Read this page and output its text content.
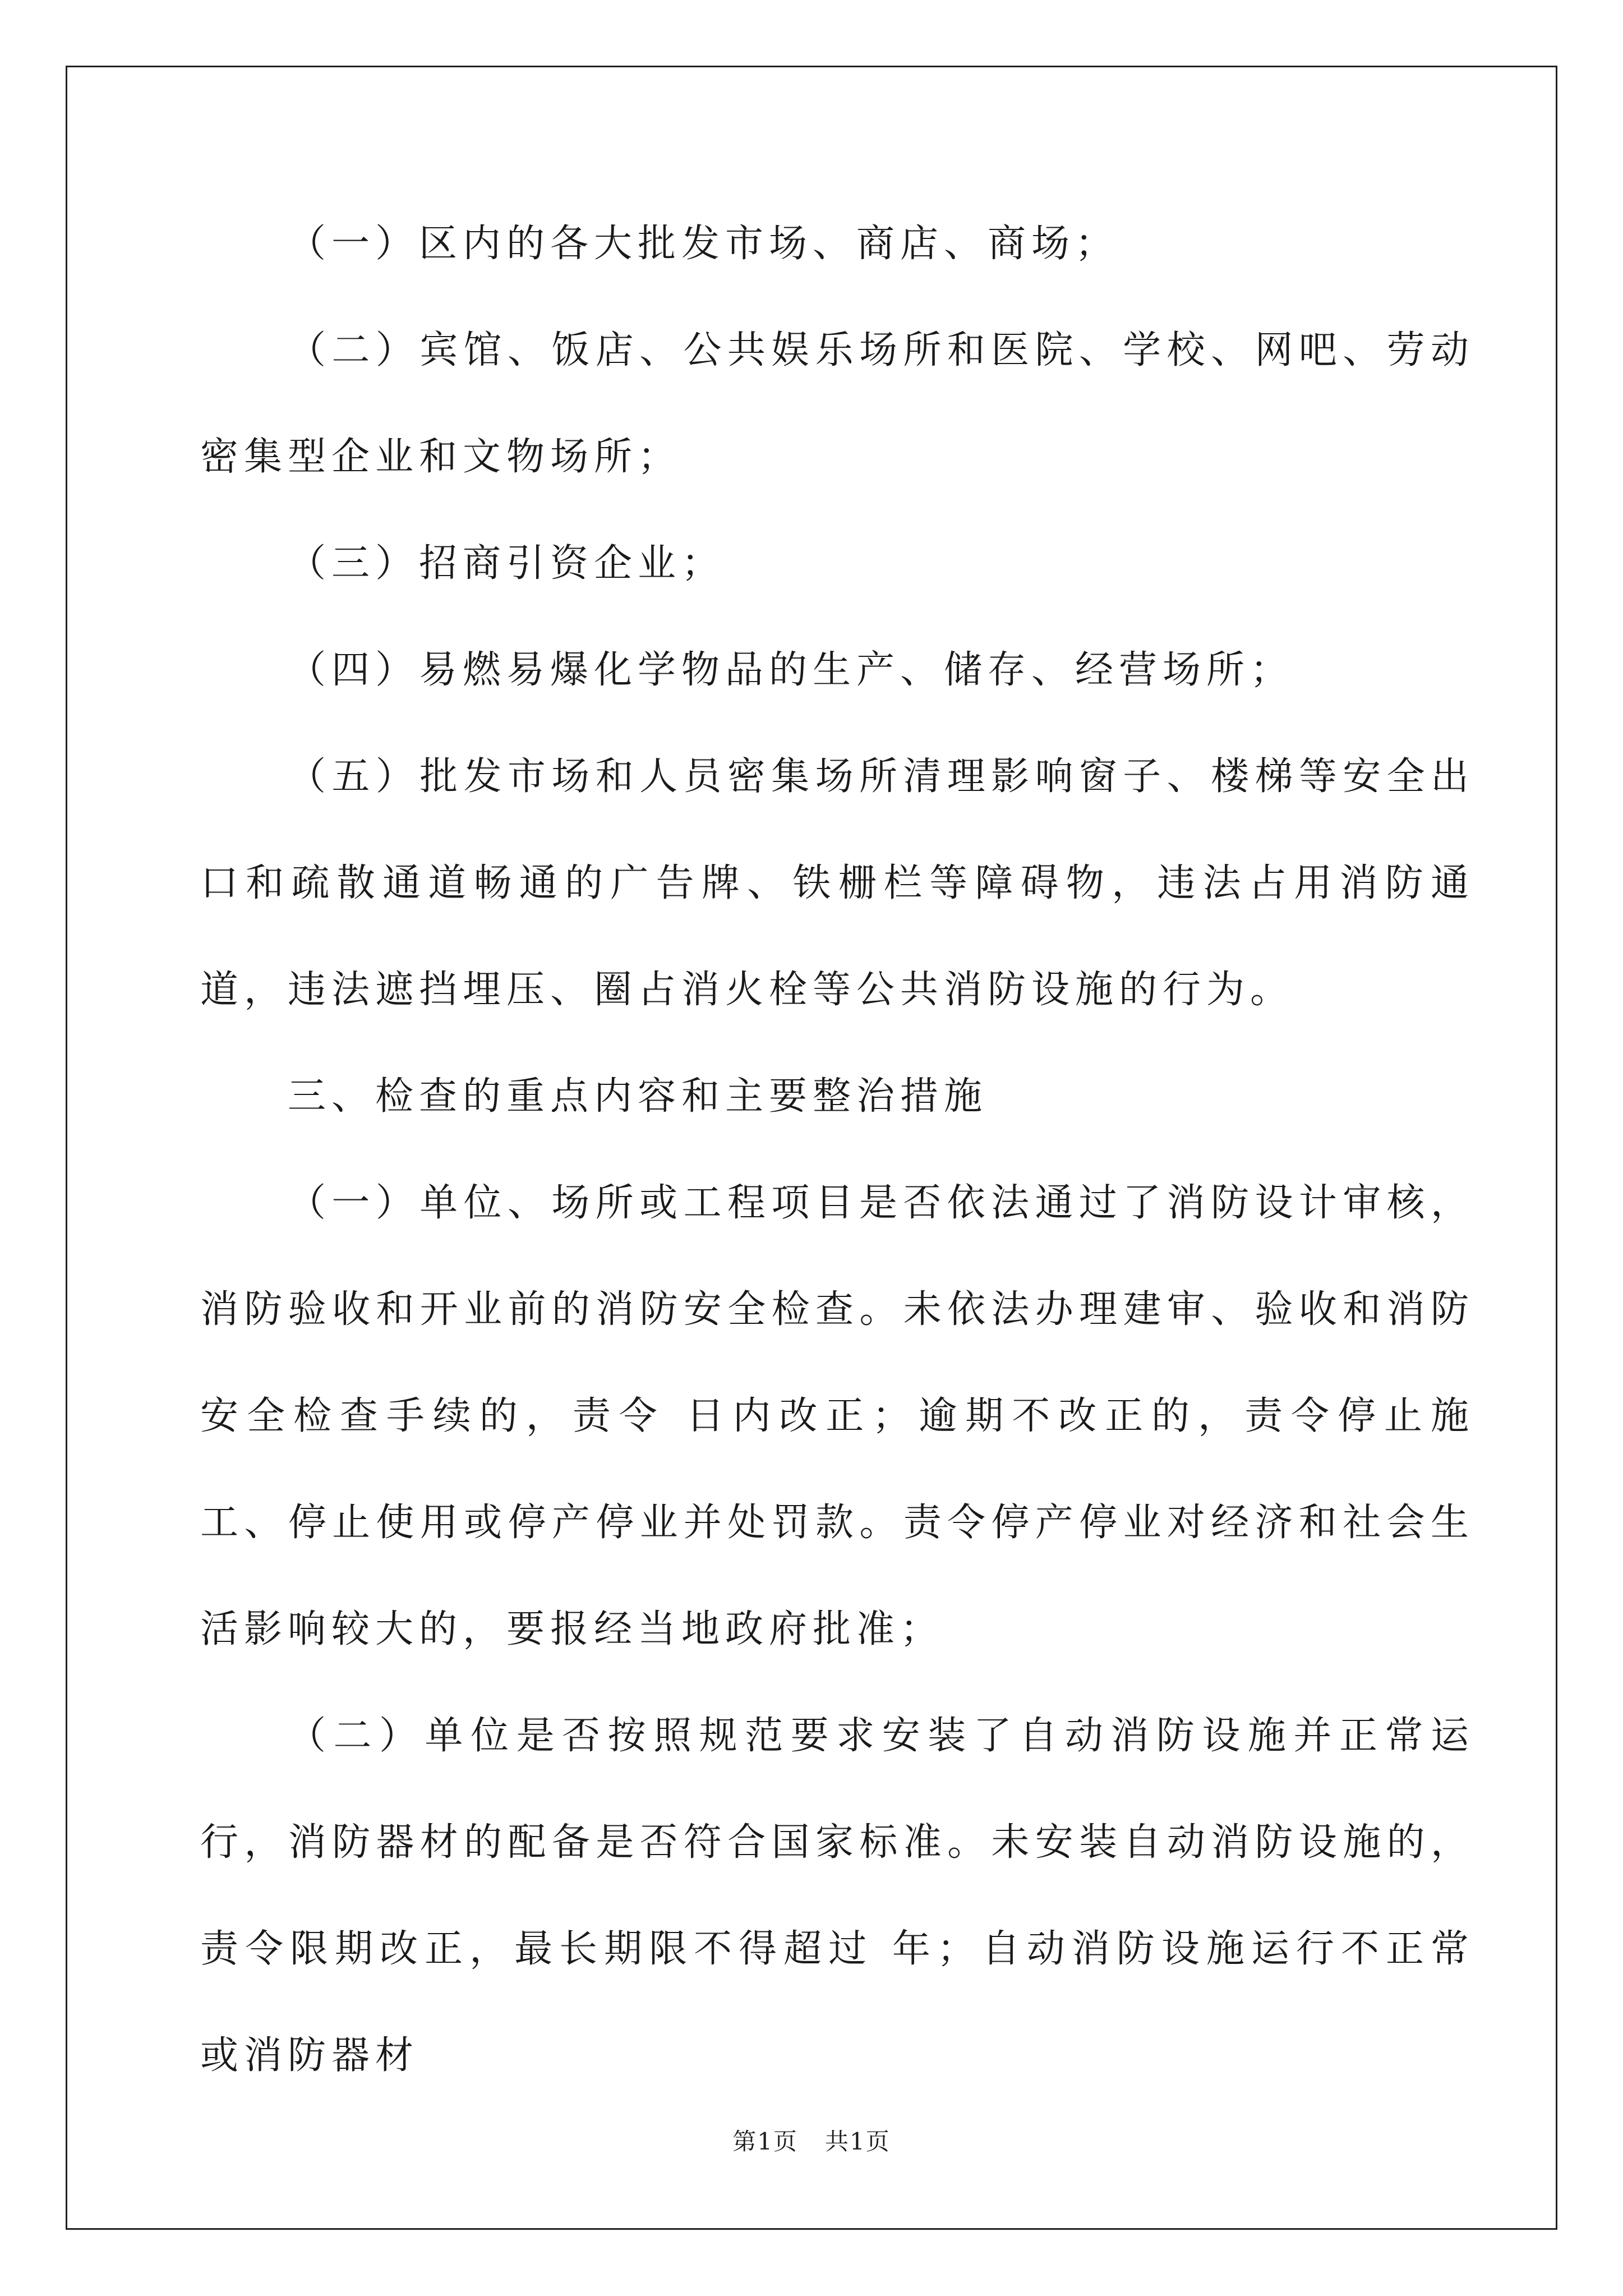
（一）区内的各大批发市场、商店、商场；

（二）宾馆、饭店、公共娱乐场所和医院、学校、网吧、劳动密集型企业和文物场所；

（三）招商引资企业；

（四）易燃易爆化学物品的生产、储存、经营场所；

（五）批发市场和人员密集场所清理影响窗子、楼梯等安全出口和疏散通道畅通的广告牌、铁栅栏等障碍物，违法占用消防通道，违法遮挡埋压、圈占消火栓等公共消防设施的行为。

三、检查的重点内容和主要整治措施

（一）单位、场所或工程项目是否依法通过了消防设计审核，消防验收和开业前的消防安全检查。未依法办理建审、验收和消防安全检查手续的，责令 日内改正；逾期不改正的，责令停止施工、停止使用或停产停业并处罚款。责令停产停业对经济和社会生活影响较大的，要报经当地政府批准；

（二）单位是否按照规范要求安装了自动消防设施并正常运行，消防器材的配备是否符合国家标准。未安装自动消防设施的，责令限期改正，最长期限不得超过 年；自动消防设施运行不正常或消防器材

第1页 共1页
